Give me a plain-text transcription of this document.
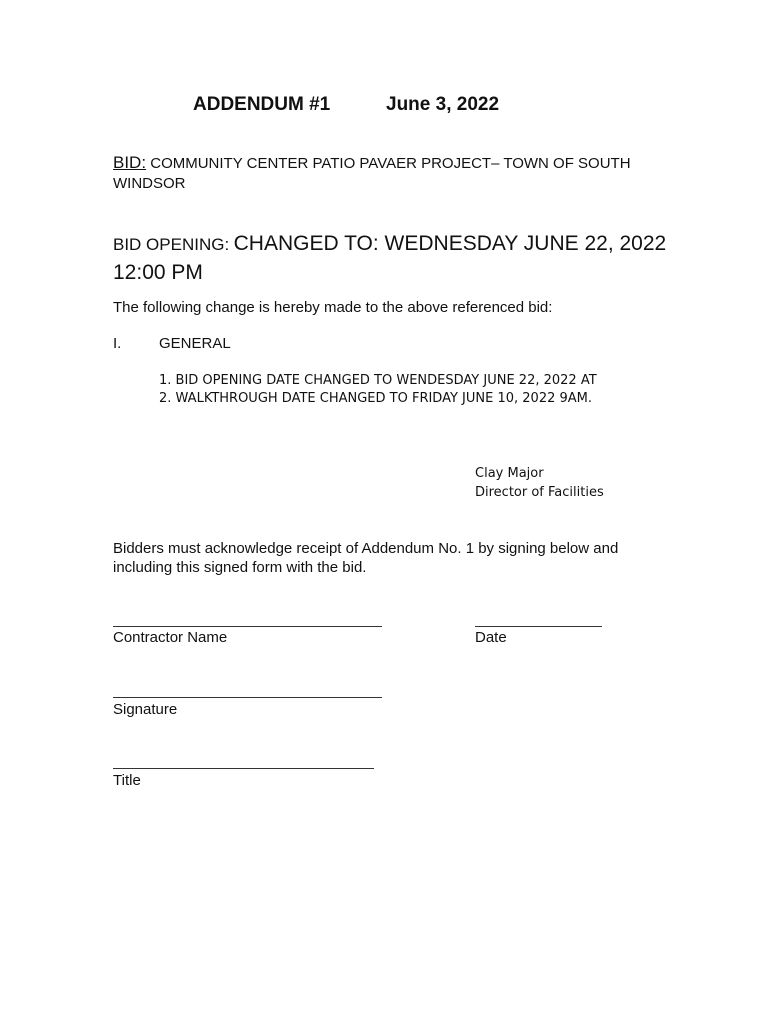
ADDENDUM #1	June 3, 2022
BID: COMMUNITY CENTER PATIO PAVAER PROJECT– TOWN OF SOUTH WINDSOR
BID OPENING: CHANGED TO: WEDNESDAY JUNE 22, 2022 12:00 PM
The following change is hereby made to the above referenced bid:
I.	GENERAL
1. BID OPENING DATE CHANGED TO WENDESDAY JUNE 22, 2022 AT
2. WALKTHROUGH DATE CHANGED TO FRIDAY JUNE 10, 2022 9AM.
Clay Major
Director of Facilities
Bidders must acknowledge receipt of Addendum No. 1 by signing below and including this signed form with the bid.
Contractor Name	Date
Signature
Title
